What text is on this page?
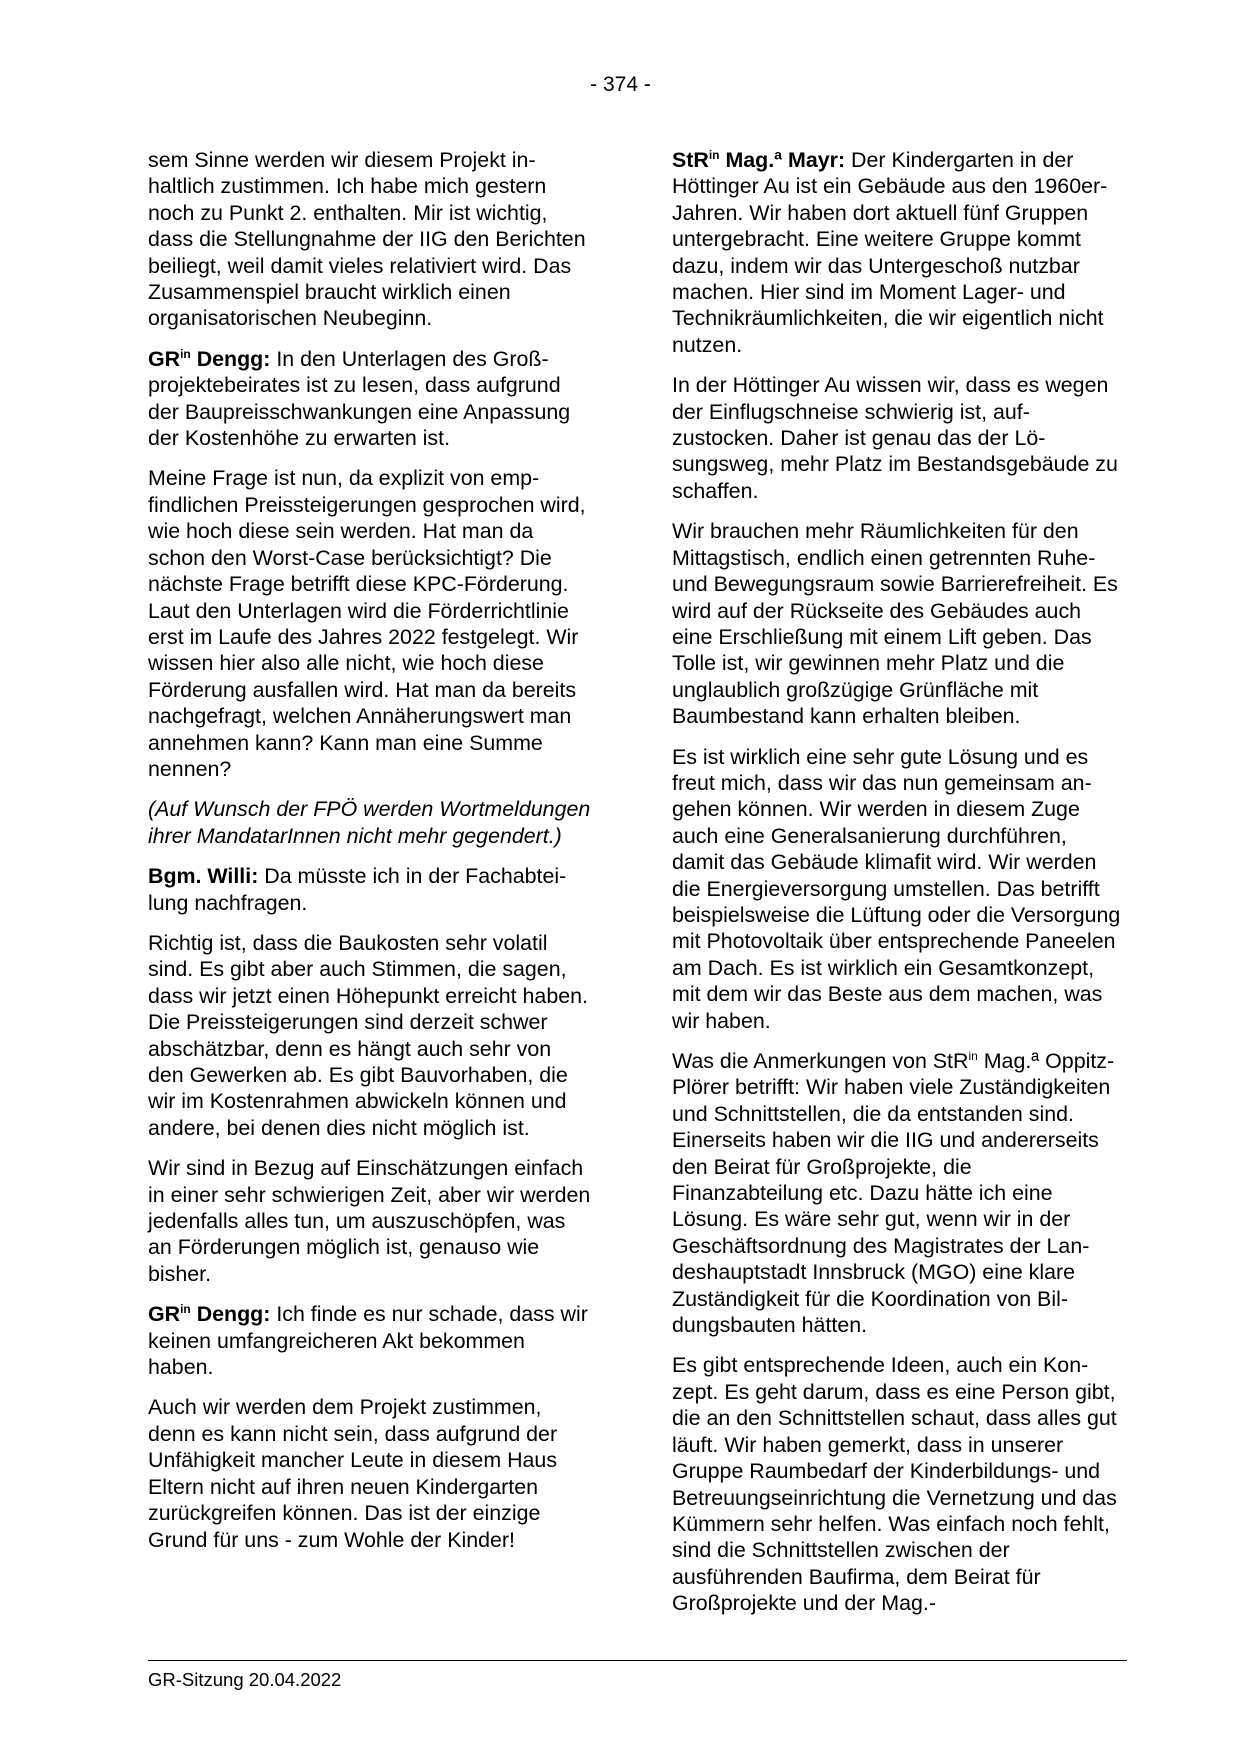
- 374 -

sem Sinne werden wir diesem Projekt inhaltlich zustimmen. Ich habe mich gestern noch zu Punkt 2. enthalten. Mir ist wichtig, dass die Stellungnahme der IIG den Berichten beiliegt, weil damit vieles relativiert wird. Das Zusammenspiel braucht wirklich einen organisatorischen Neubeginn.

$GR^{in}$ Dengg: In den Unterlagen des Großprojektebeirates ist zu lesen, dass aufgrund der Baupreisschwankungen eine Anpassung der Kostenhöhe zu erwarten ist.

Meine Frage ist nun, da explizit von empfindlichen Preissteigerungen gesprochen wird, wie hoch diese sein werden. Hat man da schon den Worst-Case berücksichtigt? Die nächste Frage betrifft diese KPC-Förderung. Laut den Unterlagen wird die Förderrichtlinie erst im Laufe des Jahres 2022 festgelegt. Wir wissen hier also alle nicht, wie hoch diese Förderung ausfallen wird. Hat man da bereits nachgefragt, welchen Annäherungswert man annehmen kann? Kann man eine Summe nennen?

(Auf Wunsch der FPÖ werden Wortmeldungen ihrer MandatarInnen nicht mehr gegendert.)

Bgm. Willi: Da müsste ich in der Fachabteilung nachfragen.

Richtig ist, dass die Baukosten sehr volatil sind. Es gibt aber auch Stimmen, die sagen, dass wir jetzt einen Höhepunkt erreicht haben. Die Preissteigerungen sind derzeit schwer abschätzbar, denn es hängt auch sehr von den Gewerken ab. Es gibt Bauvorhaben, die wir im Kostenrahmen abwickeln können und andere, bei denen dies nicht möglich ist.

Wir sind in Bezug auf Einschätzungen einfach in einer sehr schwierigen Zeit, aber wir werden jedenfalls alles tun, um auszuschöpfen, was an Förderungen möglich ist, genauso wie bisher.

$GR^{in}$ Dengg: Ich finde es nur schade, dass wir keinen umfangreicheren Akt bekommen haben.

Auch wir werden dem Projekt zustimmen, denn es kann nicht sein, dass aufgrund der Unfähigkeit mancher Leute in diesem Haus Eltern nicht auf ihren neuen Kindergarten zurückgreifen können. Das ist der einzige Grund für uns - zum Wohle der Kinder!

StR$^{in}$ Mag.ª Mayr: Der Kindergarten in der Höttinger Au ist ein Gebäude aus den 1960er-Jahren. Wir haben dort aktuell fünf Gruppen untergebracht. Eine weitere Gruppe kommt dazu, indem wir das Untergeschoß nutzbar machen. Hier sind im Moment Lager- und Technikräumlichkeiten, die wir eigentlich nicht nutzen.

In der Höttinger Au wissen wir, dass es wegen der Einflugschneise schwierig ist, aufzustocken. Daher ist genau das der Lösungsweg, mehr Platz im Bestandsgebäude zu schaffen.

Wir brauchen mehr Räumlichkeiten für den Mittagstisch, endlich einen getrennten Ruhe- und Bewegungsraum sowie Barrierefreiheit. Es wird auf der Rückseite des Gebäudes auch eine Erschließung mit einem Lift geben. Das Tolle ist, wir gewinnen mehr Platz und die unglaublich großzügige Grünfläche mit Baumbestand kann erhalten bleiben.

Es ist wirklich eine sehr gute Lösung und es freut mich, dass wir das nun gemeinsam angehen können. Wir werden in diesem Zuge auch eine Generalsanierung durchführen, damit das Gebäude klimafit wird. Wir werden die Energieversorgung umstellen. Das betrifft beispielsweise die Lüftung oder die Versorgung mit Photovoltaik über entsprechende Paneelen am Dach. Es ist wirklich ein Gesamtkonzept, mit dem wir das Beste aus dem machen, was wir haben.

Was die Anmerkungen von StR$^{in}$ Mag.ª Oppitz-Plörer betrifft: Wir haben viele Zuständigkeiten und Schnittstellen, die da entstanden sind. Einerseits haben wir die IIG und andererseits den Beirat für Großprojekte, die Finanzabteilung etc. Dazu hätte ich eine Lösung. Es wäre sehr gut, wenn wir in der Geschäftsordnung des Magistrates der Landeshauptstadt Innsbruck (MGO) eine klare Zuständigkeit für die Koordination von Bildungsbauten hätten.

Es gibt entsprechende Ideen, auch ein Konzept. Es geht darum, dass es eine Person gibt, die an den Schnittstellen schaut, dass alles gut läuft. Wir haben gemerkt, dass in unserer Gruppe Raumbedarf der Kinderbildungs- und Betreuungseinrichtung die Vernetzung und das Kümmern sehr helfen. Was einfach noch fehlt, sind die Schnittstellen zwischen der ausführenden Baufirma, dem Beirat für Großprojekte und der Mag.-

GR-Sitzung 20.04.2022
